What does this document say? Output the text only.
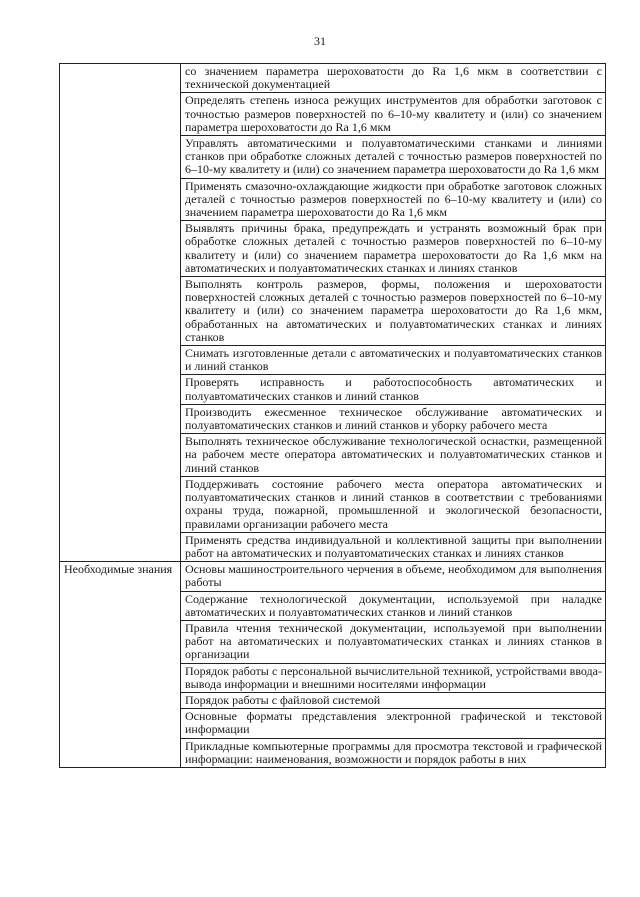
31
	со значением параметра шероховатости до Ra 1,6 мкм в соответствии с технической документацией
	Определять степень износа режущих инструментов для обработки заготовок с точностью размеров поверхностей по 6–10-му квалитету и (или) со значением параметра шероховатости до Ra 1,6 мкм
	Управлять автоматическими и полуавтоматическими станками и линиями станков при обработке сложных деталей с точностью размеров поверхностей по 6–10-му квалитету и (или) со значением параметра шероховатости до Ra 1,6 мкм
	Применять смазочно-охлаждающие жидкости при обработке заготовок сложных деталей с точностью размеров поверхностей по 6–10-му квалитету и (или) со значением параметра шероховатости до Ra 1,6 мкм
	Выявлять причины брака, предупреждать и устранять возможный брак при обработке сложных деталей с точностью размеров поверхностей по 6–10-му квалитету и (или) со значением параметра шероховатости до Ra 1,6 мкм на автоматических и полуавтоматических станках и линиях станков
	Выполнять контроль размеров, формы, положения и шероховатости поверхностей сложных деталей с точностью размеров поверхностей по 6–10-му квалитету и (или) со значением параметра шероховатости до Ra 1,6 мкм, обработанных на автоматических и полуавтоматических станках и линиях станков
	Снимать изготовленные детали с автоматических и полуавтоматических станков и линий станков
	Проверять исправность и работоспособность автоматических и полуавтоматических станков и линий станков
	Производить ежесменное техническое обслуживание автоматических и полуавтоматических станков и линий станков и уборку рабочего места
	Выполнять техническое обслуживание технологической оснастки, размещенной на рабочем месте оператора автоматических и полуавтоматических станков и линий станков
	Поддерживать состояние рабочего места оператора автоматических и полуавтоматических станков и линий станков в соответствии с требованиями охраны труда, пожарной, промышленной и экологической безопасности, правилами организации рабочего места
	Применять средства индивидуальной и коллективной защиты при выполнении работ на автоматических и полуавтоматических станках и линиях станков
Необходимые знания	Основы машиностроительного черчения в объеме, необходимом для выполнения работы
	Содержание технологической документации, используемой при наладке автоматических и полуавтоматических станков и линий станков
	Правила чтения технической документации, используемой при выполнении работ на автоматических и полуавтоматических станках и линиях станков в организации
	Порядок работы с персональной вычислительной техникой, устройствами ввода-вывода информации и внешними носителями информации
	Порядок работы с файловой системой
	Основные форматы представления электронной графической и текстовой информации
	Прикладные компьютерные программы для просмотра текстовой и графической информации: наименования, возможности и порядок работы в них
